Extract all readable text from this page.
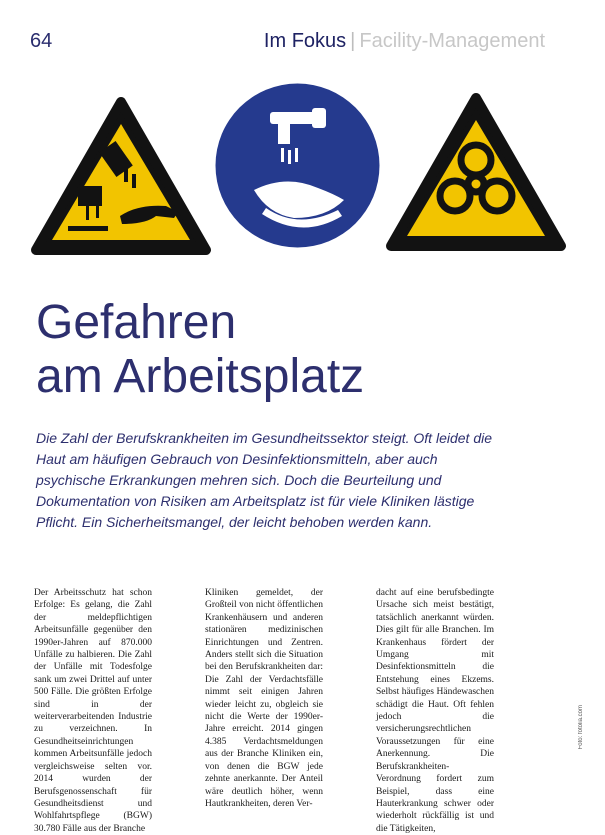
64	Im Fokus | Facility-Management
Gefahren
am Arbeitsplatz

Die Zahl der Berufskrankheiten im Gesundheitssektor steigt. Oft leidet die Haut am häufigen Gebrauch von Desinfektionsmitteln, aber auch psychische Erkrankungen mehren sich. Doch die Beurteilung und Dokumentation von Risiken am Arbeitsplatz ist für viele Kliniken lästige Pflicht. Ein Sicherheitsmangel, der leicht behoben werden kann.

Der Arbeitsschutz hat schon Erfolge: Es gelang, die Zahl der meldepflichtigen Arbeitsunfälle gegenüber den 1990er-Jahren auf 870.000 Unfälle zu halbieren. Die Zahl der Unfälle mit Todesfolge sank um zwei Drittel auf unter 500 Fälle. Die größten Erfolge sind in der weiterverarbeitenden Industrie zu verzeichnen. In Gesundheitseinrichtungen kommen Arbeitsunfälle jedoch vergleichsweise selten vor. 2014 wurden der Berufsgenossenschaft für Gesundheitsdienst und Wohlfahrtspflege (BGW) 30.780 Fälle aus der Branche

Kliniken gemeldet, der Großteil von nicht öffentlichen Krankenhäusern und anderen stationären medizinischen Einrichtungen und Zentren. Anders stellt sich die Situation bei den Berufskrankheiten dar: Die Zahl der Verdachtsfälle nimmt seit einigen Jahren wieder leicht zu, obgleich sie nicht die Werte der 1990er-Jahre erreicht. 2014 gingen 4.385 Verdachtsmeldungen aus der Branche Kliniken ein, von denen die BGW jede zehnte anerkannte. Der Anteil wäre deutlich höher, wenn Hautkrankheiten, deren Ver-

dacht auf eine berufsbedingte Ursache sich meist bestätigt, tatsächlich anerkannt würden. Dies gilt für alle Branchen. Im Krankenhaus fördert der Umgang mit Desinfektionsmitteln die Entstehung eines Ekzems. Selbst häufiges Händewaschen schädigt die Haut. Oft fehlen jedoch die versicherungsrechtlichen Voraussetzungen für eine Anerkennung. Die Berufskrankheiten-Verordnung fordert zum Beispiel, dass eine Hauterkrankung schwer oder wiederholt rückfällig ist und die Tätigkeiten,

Foto: fotolia.com
